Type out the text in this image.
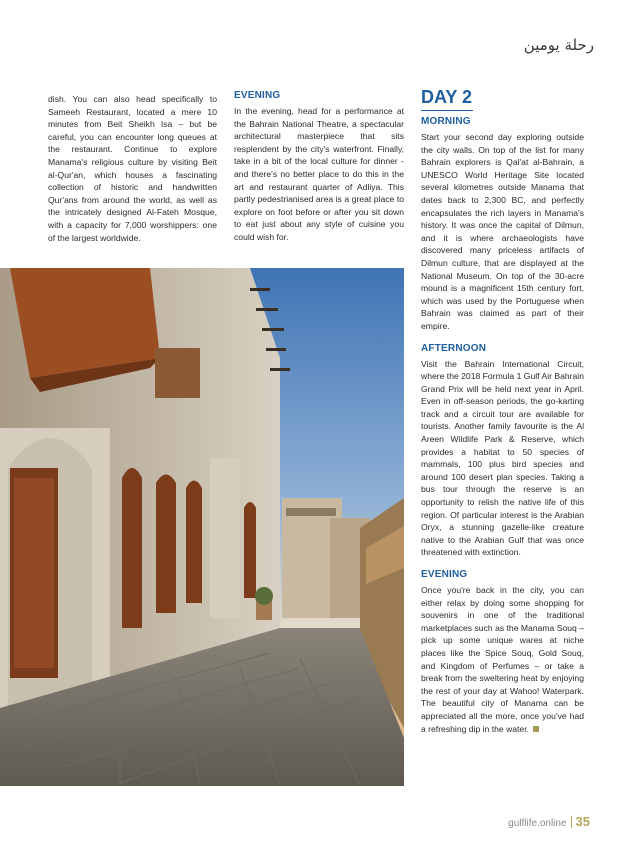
رحلة يومين

dish. You can also head specifically to Sameeh Restaurant, located a mere 10 minutes from Beit Sheikh Isa – but be careful, you can encounter long queues at the restaurant. Continue to explore Manama's religious culture by visiting Beit al-Qur'an, which houses a fascinating collection of historic and handwritten Qur'ans from around the world, as well as the intricately designed Al-Fateh Mosque, with a capacity for 7,000 worshippers: one of the largest worldwide.

EVENING

In the evening, head for a performance at the Bahrain National Theatre, a spectacular architectural masterpiece that sits resplendent by the city's waterfront. Finally, take in a bit of the local culture for dinner - and there's no better place to do this in the art and restaurant quarter of Adliya. This partly pedestrianised area is a great place to explore on foot before or after you sit down to eat just about any style of cuisine you could wish for.

DAY 2
MORNING

Start your second day exploring outside the city walls. On top of the list for many Bahrain explorers is Qal'at al-Bahrain, a UNESCO World Heritage Site located several kilometres outside Manama that dates back to 2,300 BC, and perfectly encapsulates the rich layers in Manama's history. It was once the capital of Dilmun, and it is where archaeologists have discovered many priceless artifacts of Dilmun culture, that are displayed at the National Museum. On top of the 30-acre mound is a magnificent 15th century fort, which was used by the Portuguese when Bahrain was claimed as part of their empire.

AFTERNOON

Visit the Bahrain International Circuit, where the 2018 Formula 1 Gulf Air Bahrain Grand Prix will be held next year in April. Even in off-season periods, the go-karting track and a circuit tour are available for tourists. Another family favourite is the Al Areen Wildlife Park & Reserve, which provides a habitat to 50 species of mammals, 100 plus bird species and around 100 desert plan species. Taking a bus tour through the reserve is an opportunity to relish the native life of this region. Of particular interest is the Arabian Oryx, a stunning gazelle-like creature native to the Arabian Gulf that was once threatened with extinction.

EVENING

Once you're back in the city, you can either relax by doing some shopping for souvenirs in one of the traditional marketplaces such as the Manama Souq – pick up some unique wares at niche places like the Spice Souq, Gold Souq, and Kingdom of Perfumes – or take a break from the sweltering heat by enjoying the rest of your day at Wahoo! Waterpark. The beautiful city of Manama can be appreciated all the more, once you've had a refreshing dip in the water.

gulflife.online 35
